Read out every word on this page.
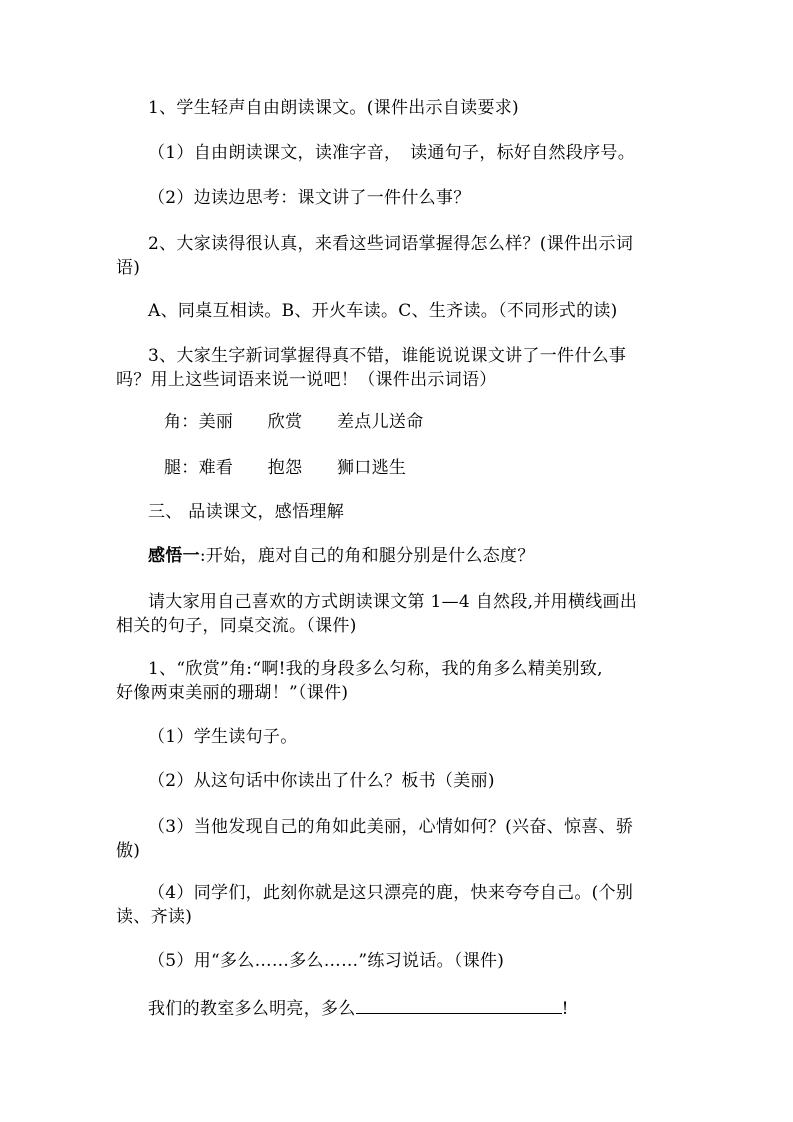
1、学生轻声自由朗读课文。(课件出示自读要求)
（1）自由朗读课文，读准字音，　读通句子，标好自然段序号。
（2）边读边思考：课文讲了一件什么事？
2、大家读得很认真，来看这些词语掌握得怎么样？(课件出示词
语)
A、同桌互相读。B、开火车读。C、生齐读。（不同形式的读)
3、大家生字新词掌握得真不错，谁能说说课文讲了一件什么事
吗？用上这些词语来说一说吧！（课件出示词语）
角：美丽　　欣赏　　差点儿送命
腿：难看　　抱怨　　狮口逃生
三、 品读课文，感悟理解
感悟一:开始，鹿对自己的角和腿分别是什么态度？
请大家用自己喜欢的方式朗读课文第 1—4 自然段,并用横线画出
相关的句子，同桌交流。（课件)
1、“欣赏”角:“啊!我的身段多么匀称，我的角多么精美别致,
好像两束美丽的珊瑚！”（课件)
（1）学生读句子。
（2）从这句话中你读出了什么？板书（美丽)
（3）当他发现自己的角如此美丽，心情如何？(兴奋、惊喜、骄
傲)
（4）同学们，此刻你就是这只漂亮的鹿，快来夸夸自己。(个别
读、齐读)
（5）用“多么……多么……”练习说话。（课件)
我们的教室多么明亮，多么	!
